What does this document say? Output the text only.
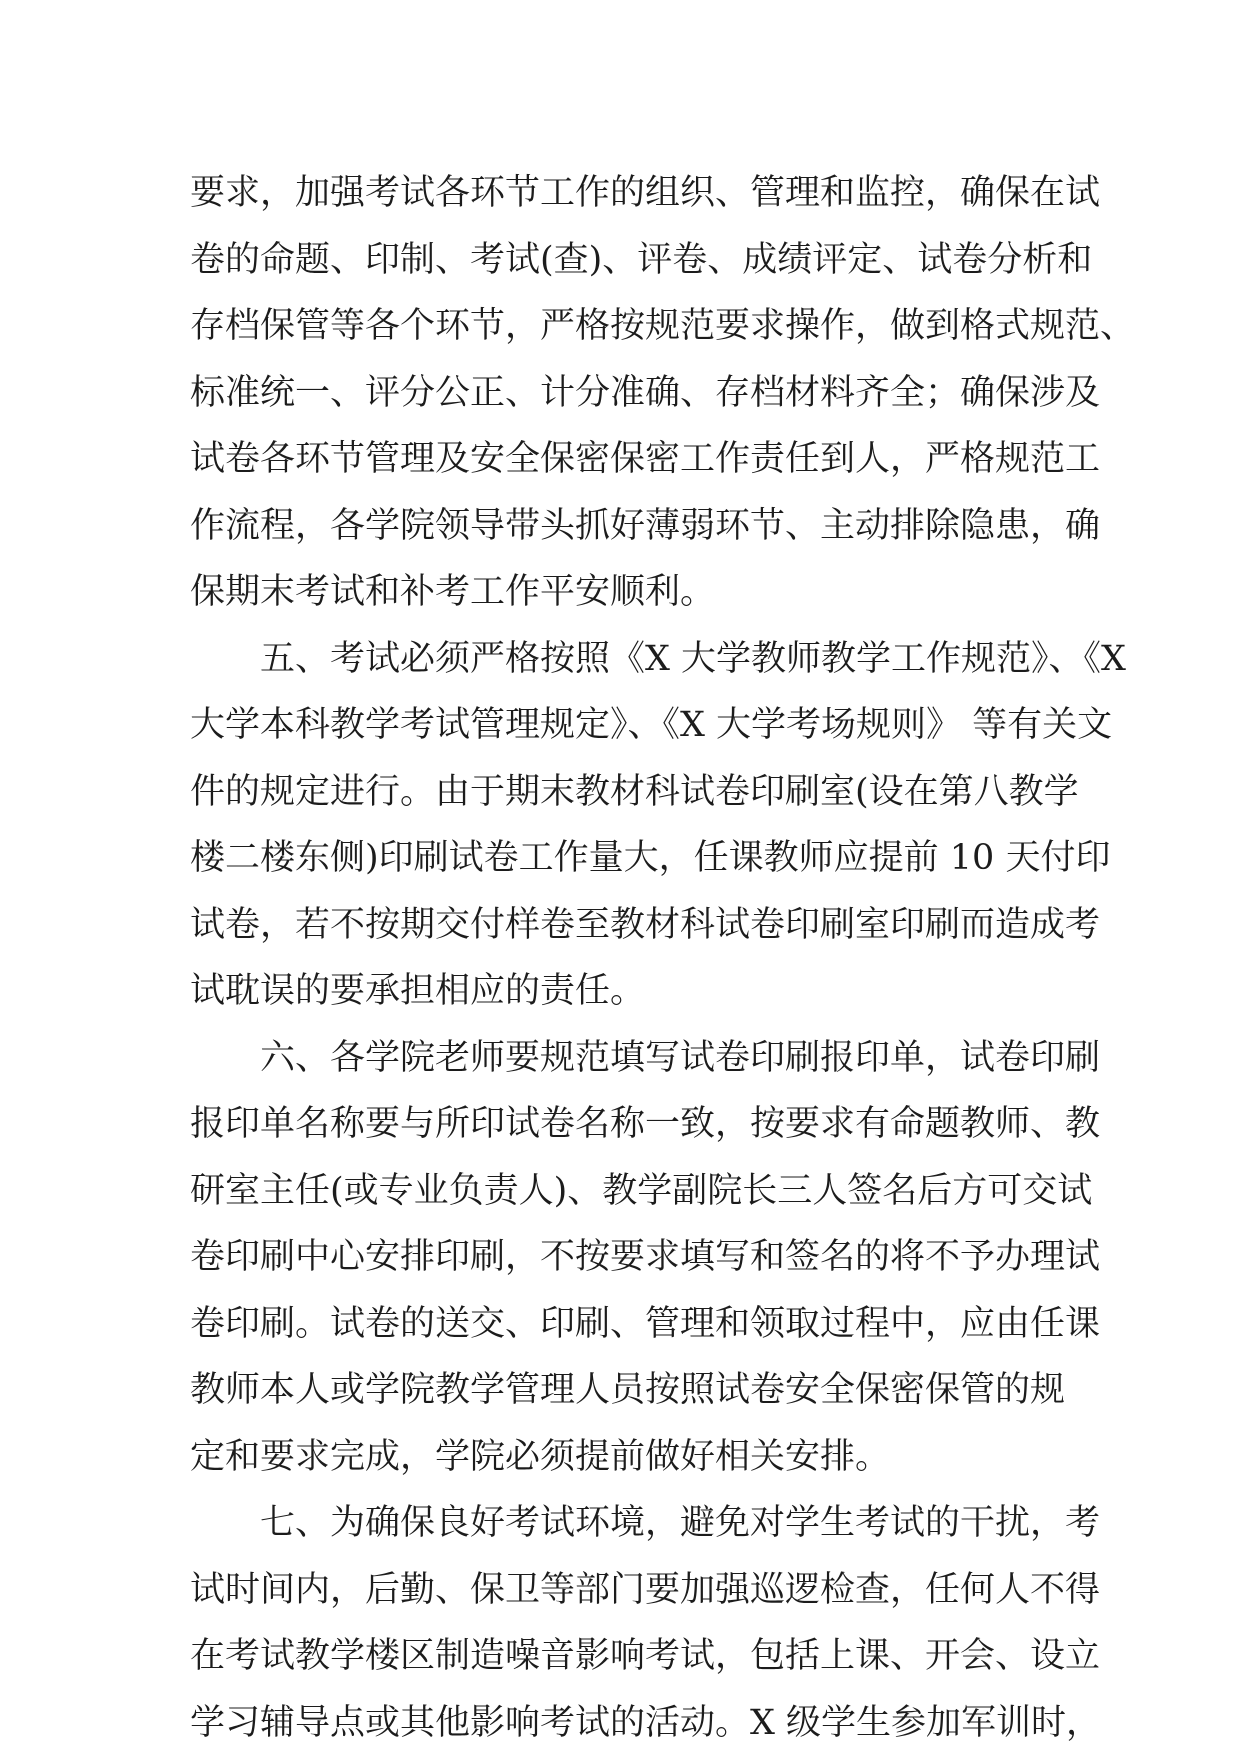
要求，加强考试各环节工作的组织、管理和监控，确保在试
卷的命题、印制、考试(查)、评卷、成绩评定、试卷分析和
存档保管等各个环节，严格按规范要求操作，做到格式规范、
标准统一、评分公正、计分准确、存档材料齐全；确保涉及
试卷各环节管理及安全保密保密工作责任到人，严格规范工
作流程，各学院领导带头抓好薄弱环节、主动排除隐患，确
保期末考试和补考工作平安顺利。
五、考试必须严格按照《X 大学教师教学工作规范》、《X
大学本科教学考试管理规定》、《X 大学考场规则》 等有关文
件的规定进行。由于期末教材科试卷印刷室(设在第八教学
楼二楼东侧)印刷试卷工作量大，任课教师应提前 10 天付印
试卷，若不按期交付样卷至教材科试卷印刷室印刷而造成考
试耽误的要承担相应的责任。
六、各学院老师要规范填写试卷印刷报印单，试卷印刷
报印单名称要与所印试卷名称一致，按要求有命题教师、教
研室主任(或专业负责人)、教学副院长三人签名后方可交试
卷印刷中心安排印刷，不按要求填写和签名的将不予办理试
卷印刷。试卷的送交、印刷、管理和领取过程中，应由任课
教师本人或学院教学管理人员按照试卷安全保密保管的规
定和要求完成，学院必须提前做好相关安排。
七、为确保良好考试环境，避免对学生考试的干扰，考
试时间内，后勤、保卫等部门要加强巡逻检查，任何人不得
在考试教学楼区制造噪音影响考试，包括上课、开会、设立
学习辅导点或其他影响考试的活动。X 级学生参加军训时，
